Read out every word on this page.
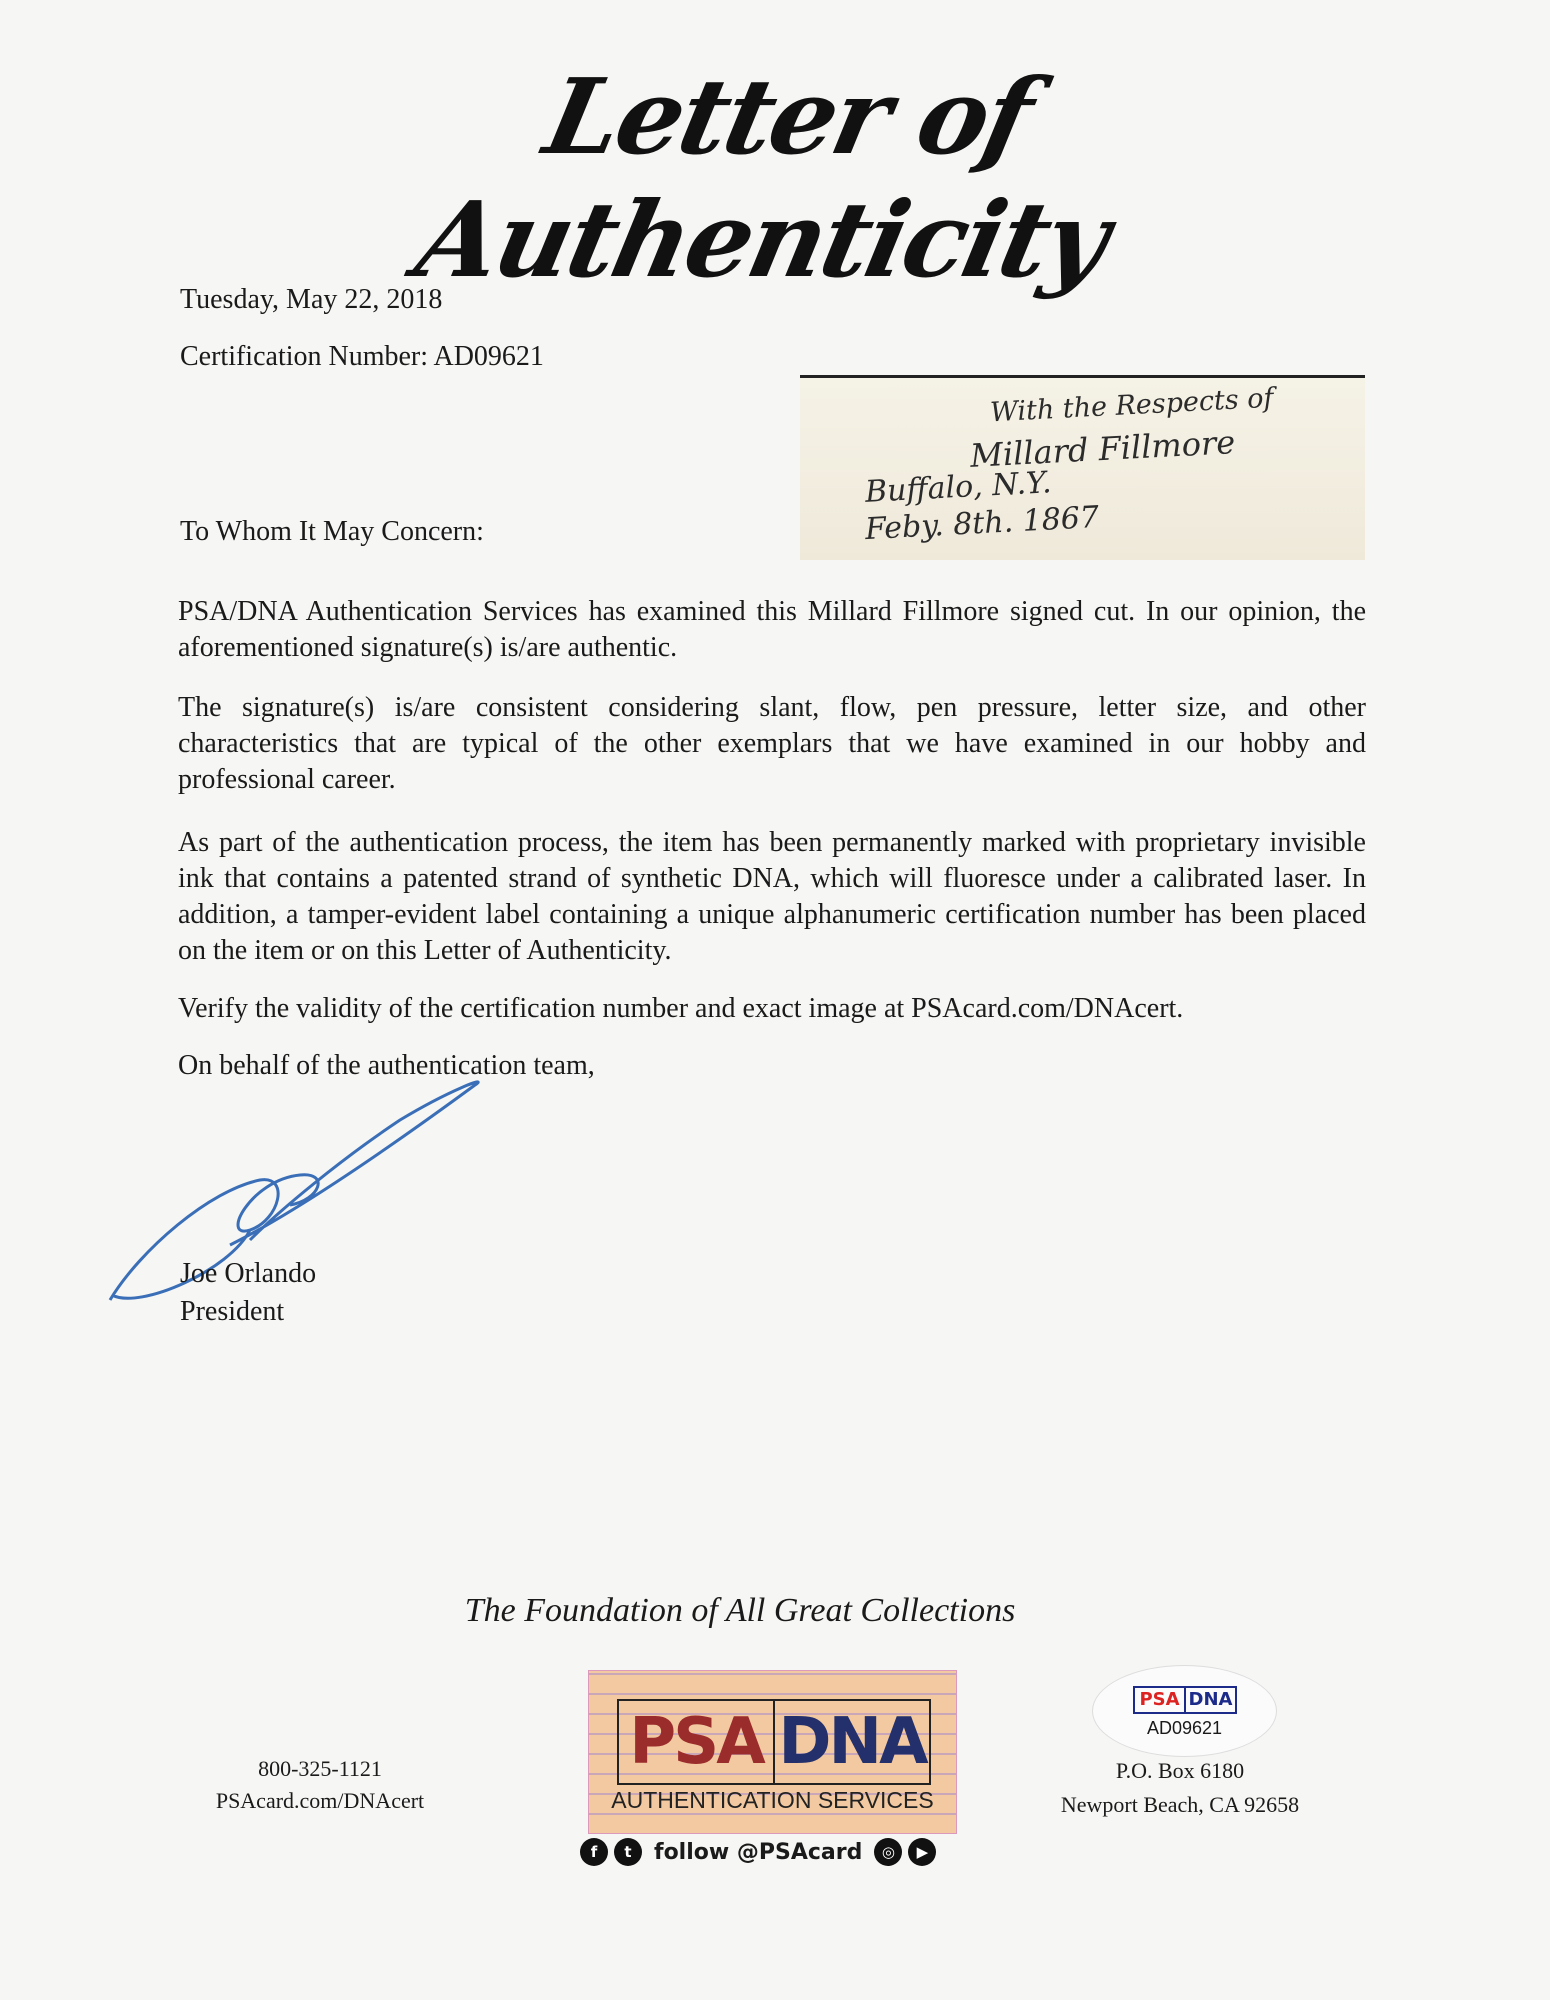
Letter of Authenticity
Tuesday, May 22, 2018
Certification Number: AD09621
With the Respects of
Millard Fillmore
Buffalo, N.Y.
Feby. 8th. 1867
To Whom It May Concern:
PSA/DNA Authentication Services has examined this Millard Fillmore signed cut. In our opinion, the aforementioned signature(s) is/are authentic.
The signature(s) is/are consistent considering slant, flow, pen pressure, letter size, and other characteristics that are typical of the other exemplars that we have examined in our hobby and professional career.
As part of the authentication process, the item has been permanently marked with proprietary invisible ink that contains a patented strand of synthetic DNA, which will fluoresce under a calibrated laser. In addition, a tamper-evident label containing a unique alphanumeric certification number has been placed on the item or on this Letter of Authenticity.
Verify the validity of the certification number and exact image at PSAcard.com/DNAcert.
On behalf of the authentication team,
Joe Orlando
President
The Foundation of All Great Collections
800-325-1121
PSAcard.com/DNAcert
PSA DNA
AUTHENTICATION SERVICES
f	t	follow @PSAcard	◎	▶
PSA DNA
AD09621
P.O. Box 6180
Newport Beach, CA 92658
